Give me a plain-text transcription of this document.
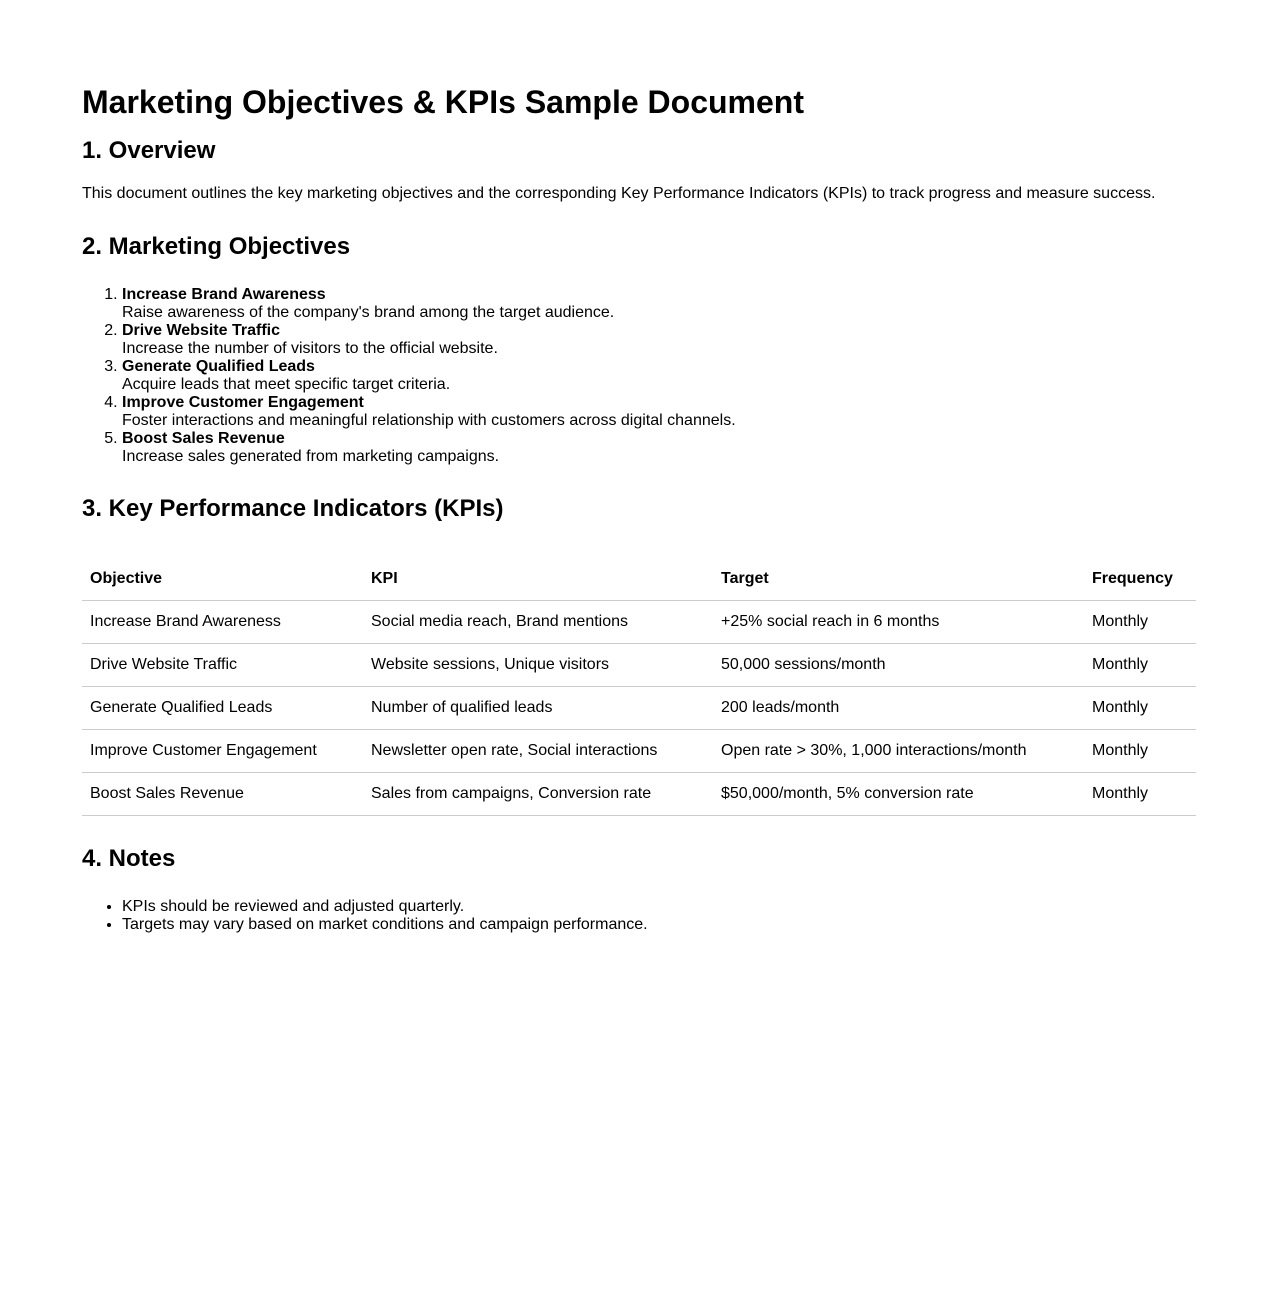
Marketing Objectives & KPIs Sample Document
1. Overview

This document outlines the key marketing objectives and the corresponding Key Performance Indicators (KPIs) to track progress and measure success.

2. Marketing Objectives
1. Increase Brand Awareness
Raise awareness of the company's brand among the target audience.
2. Drive Website Traffic
Increase the number of visitors to the official website.
3. Generate Qualified Leads
Acquire leads that meet specific target criteria.
4. Improve Customer Engagement
Foster interactions and meaningful relationship with customers across digital channels.
5. Boost Sales Revenue
Increase sales generated from marketing campaigns.
3. Key Performance Indicators (KPIs)
Objective	KPI	Target	Frequency
Increase Brand Awareness	Social media reach, Brand mentions	+25% social reach in 6 months	Monthly
Drive Website Traffic	Website sessions, Unique visitors	50,000 sessions/month	Monthly
Generate Qualified Leads	Number of qualified leads	200 leads/month	Monthly
Improve Customer Engagement	Newsletter open rate, Social interactions	Open rate > 30%, 1,000 interactions/month	Monthly
Boost Sales Revenue	Sales from campaigns, Conversion rate	$50,000/month, 5% conversion rate	Monthly
4. Notes
• KPIs should be reviewed and adjusted quarterly.
• Targets may vary based on market conditions and campaign performance.
